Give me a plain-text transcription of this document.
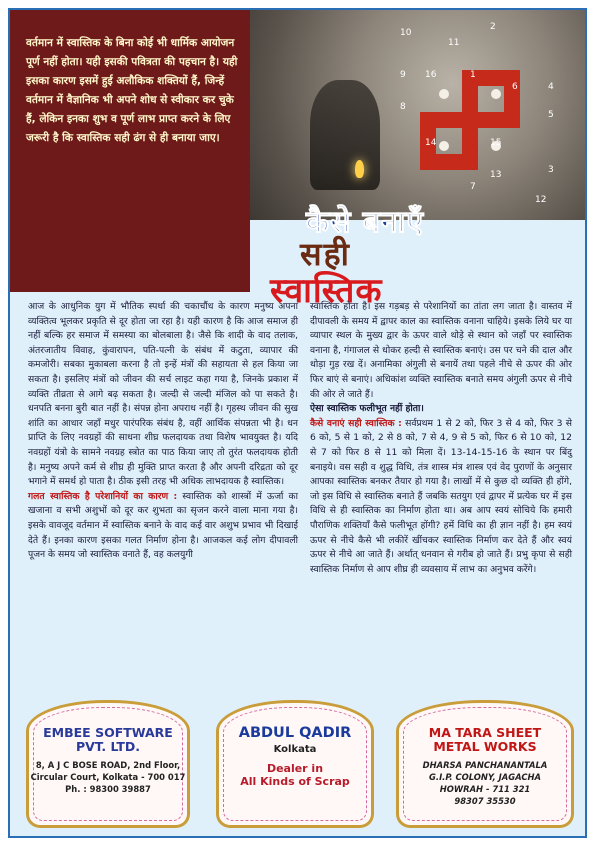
वर्तमान में स्वास्तिक के बिना कोई भी धार्मिक आयोजन पूर्ण नहीं होता। यही इसकी पवित्रता की पहचान है। यही इसका कारण इसमें हुई अलौकिक शक्तियों हैं, जिन्हें वर्तमान में वैज्ञानिक भी अपने शोध से स्वीकार कर चुके हैं, लेकिन इनका शुभ व पूर्ण लाभ प्राप्त करने के लिए जरूरी है कि स्वास्तिक सही ढंग से ही बनाया जाए।

10
11
9
8
16	1
14	15
13
12
2
5
6	4
7
3
कैसे बनाएँ
सही
स्वास्तिक

आज के आधुनिक युग में भौतिक स्पर्धा की चकाचौंध के कारण मनुष्य अपना व्यक्तित्व भूलकर प्रकृति से दूर होता जा रहा है। यही कारण है कि आज समाज ही नहीं बल्कि हर समाज में समस्या का बोलबाला है। जैसे कि शादी के वाद तलाक, अंतरजातीय विवाह, कुंवारापन, पति-पत्नी के संबंध में कटुता, व्यापार की कमजोरी। सबका मुकाबला करना है तो इन्हें मंत्रों की सहायता से हल किया जा सकता है। इसलिए मंत्रों को जीवन की सर्च लाइट कहा गया है, जिनके प्रकाश में व्यक्ति तीव्रता से आगे बढ़ सकता है। जल्दी से जल्दी मंजिल को पा सकते है। धनपति बनना बुरी बात नहीं है। संपन्न होना अपराध नहीं है। गृहस्थ जीवन की सुख शांति का आधार जहाँ मधुर पारंपरिक संबंध है, वहीं आर्थिक संपन्नता भी है। धन प्राप्ति के लिए नवग्रहों की साधना शीघ्र फलदायक तथा विशेष भावयुक्त है। यदि नवग्रहों यंत्रो के सामने नवग्रह स्त्रोत का पाठ किया जाए तो तुरंत फलदायक होती है। मनुष्य अपने कर्म से शीघ्र ही मुक्ति प्राप्त करता है और अपनी दरिद्रता को दूर भगाने में समर्थ हो पाता है। ठीक इसी तरह भी अधिक लाभदायक है स्वास्तिक।

गलत स्वास्तिक है परेशानियों का कारण : स्वास्तिक को शास्त्रों में ऊर्जा का खजाना व सभी अशुभों को दूर कर शुभता का सृजन करने वाला माना गया है। इसके वावजूद वर्तमान में स्वास्तिक बनाने के वाद कई वार अशुभ प्रभाव भी दिखाई देते हैं। इनका कारण इसका गलत निर्माण होना है। आजकल कई लोग दीपावली पूजन के समय जो स्वास्तिक वनाते हैं, वह कलयुगी

स्वास्तिक होता है। इस गड़बड़ से परेशानियों का तांता लग जाता है। वास्तव में दीपावली के समय में द्वापर काल का स्वास्तिक वनाना चाहिये। इसके लिये घर या व्यापार स्थल के मुख्य द्वार के ऊपर वाले थोड़े से स्थान को जहाँ पर स्वास्तिक वनाना है, गंगाजल से धोकर हल्दी से स्वास्तिक बनाएं। उस पर चने की दाल और थोड़ा गुड़ रख दें। अनामिका अंगुली से बनायें तथा पहले नीचे से ऊपर की ओर फिर बाएं से बनाएं। अधिकांश व्यक्ति स्वास्तिक बनाते समय अंगुली ऊपर से नीचे की ओर ले जाते हैं।

ऐसा स्वास्तिक फलीभूत नहीं होता।

कैसे वनाएं सही स्वास्तिक : सर्वप्रथम 1 से 2 को, फिर 3 से 4 को, फिर 3 से 6 को, 5 से 1 को, 2 से 8 को, 7 से 4, 9 से 5 को, फिर 6 से 10 को, 12 से 7 को फिर 8 से 11 को मिला दें। 13-14-15-16 के स्थान पर बिंदु बनाइये। वस सही व शुद्ध विधि, तंत्र शास्त्र मंत्र शास्त्र एवं वेद पुराणों के अनुसार आपका स्वास्तिक बनकर तैयार हो गया है। लाखों में से कुछ दो व्यक्ति ही होंगे, जो इस विधि से स्वास्तिक बनाते हैं जबकि सतयुग एवं द्वापर में प्रत्येक घर में इस विधि से ही स्वास्तिक का निर्माण होता था। अब आप स्वयं सोचिये कि हमारी पौराणिक शक्तियाँ कैसे फलीभूत होंगी? हमें विधि का ही ज्ञान नहीं है। हम स्वयं ऊपर से नीचे कैसे भी लकीरें खींचकर स्वास्तिक निर्माण कर देते हैं और स्वयं ऊपर से नीचे आ जाते हैं। अर्थात् धनवान से गरीब हो जाते हैं। प्रभु कृपा से सही स्वास्तिक निर्माण से आप शीघ्र ही व्यवसाय में लाभ का अनुभव करेंगे।

EMBEE SOFTWARE
PVT. LTD.
8, A J C BOSE ROAD, 2nd Floor,
Circular Court, Kolkata - 700 017
Ph. : 98300 39887
ABDUL QADIR
Kolkata
Dealer in
All Kinds of Scrap
MA TARA SHEET
METAL WORKS
DHARSA PANCHANANTALA
G.I.P. COLONY, JAGACHA
HOWRAH - 711 321
98307 35530
